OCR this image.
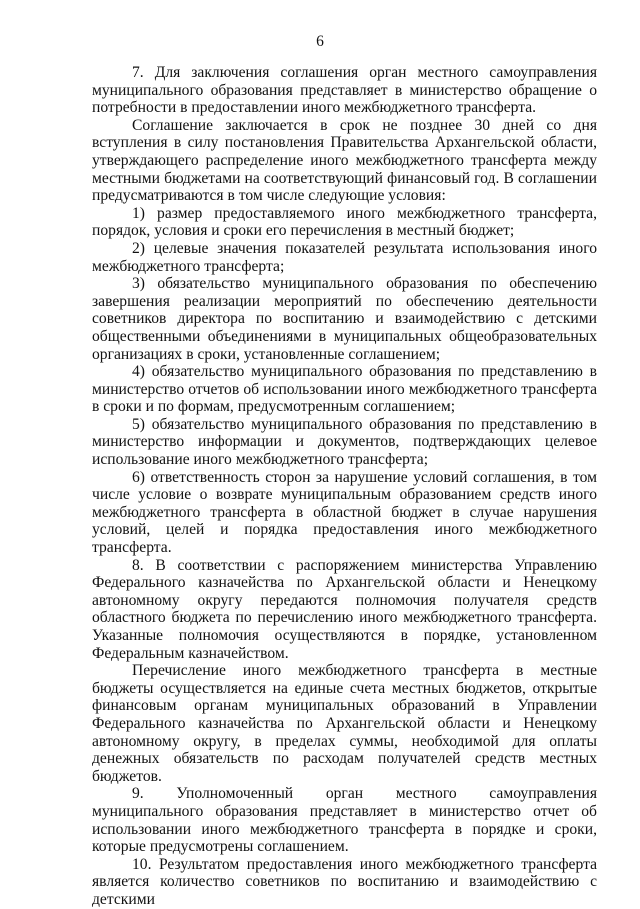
6

7. Для заключения соглашения орган местного самоуправления муниципального образования представляет в министерство обращение о потребности в предоставлении иного межбюджетного трансферта.

Соглашение заключается в срок не позднее 30 дней со дня вступления в силу постановления Правительства Архангельской области, утверждающего распределение иного межбюджетного трансферта между местными бюджетами на соответствующий финансовый год. В соглашении предусматриваются в том числе следующие условия:

1) размер предоставляемого иного межбюджетного трансферта, порядок, условия и сроки его перечисления в местный бюджет;

2) целевые значения показателей результата использования иного межбюджетного трансферта;

3) обязательство муниципального образования по обеспечению завершения реализации мероприятий по обеспечению деятельности советников директора по воспитанию и взаимодействию с детскими общественными объединениями в муниципальных общеобразовательных организациях в сроки, установленные соглашением;

4) обязательство муниципального образования по представлению в министерство отчетов об использовании иного межбюджетного трансферта в сроки и по формам, предусмотренным соглашением;

5) обязательство муниципального образования по представлению в министерство информации и документов, подтверждающих целевое использование иного межбюджетного трансферта;

6) ответственность сторон за нарушение условий соглашения, в том числе условие о возврате муниципальным образованием средств иного межбюджетного трансферта в областной бюджет в случае нарушения условий, целей и порядка предоставления иного межбюджетного трансферта.

8. В соответствии с распоряжением министерства Управлению Федерального казначейства по Архангельской области и Ненецкому автономному округу передаются полномочия получателя средств областного бюджета по перечислению иного межбюджетного трансферта. Указанные полномочия осуществляются в порядке, установленном Федеральным казначейством.

Перечисление иного межбюджетного трансферта в местные бюджеты осуществляется на единые счета местных бюджетов, открытые финансовым органам муниципальных образований в Управлении Федерального казначейства по Архангельской области и Ненецкому автономному округу, в пределах суммы, необходимой для оплаты денежных обязательств по расходам получателей средств местных бюджетов.

9. Уполномоченный орган местного самоуправления муниципального образования представляет в министерство отчет об использовании иного межбюджетного трансферта в порядке и сроки, которые предусмотрены соглашением.

10. Результатом предоставления иного межбюджетного трансферта является количество советников по воспитанию и взаимодействию с детскими
